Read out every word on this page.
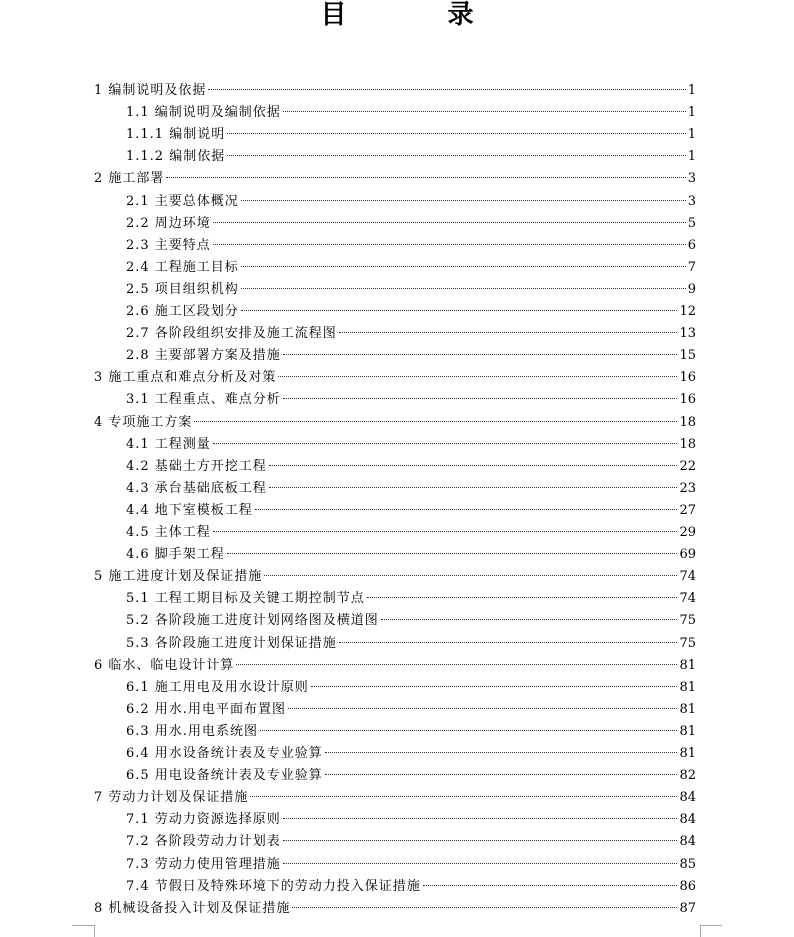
目 录
1 编制说明及依据	1
1.1 编制说明及编制依据	1
1.1.1 编制说明	1
1.1.2 编制依据	1
2 施工部署	3
2.1 主要总体概况	3
2.2 周边环境	5
2.3 主要特点	6
2.4 工程施工目标	7
2.5 项目组织机构	9
2.6 施工区段划分	12
2.7 各阶段组织安排及施工流程图	13
2.8 主要部署方案及措施	15
3 施工重点和难点分析及对策	16
3.1 工程重点、难点分析	16
4 专项施工方案	18
4.1 工程测量	18
4.2 基础土方开挖工程	22
4.3 承台基础底板工程	23
4.4 地下室模板工程	27
4.5 主体工程	29
4.6 脚手架工程	69
5 施工进度计划及保证措施	74
5.1 工程工期目标及关键工期控制节点	74
5.2 各阶段施工进度计划网络图及横道图	75
5.3 各阶段施工进度计划保证措施	75
6 临水、临电设计计算	81
6.1 施工用电及用水设计原则	81
6.2 用水.用电平面布置图	81
6.3 用水.用电系统图	81
6.4 用水设备统计表及专业验算	81
6.5 用电设备统计表及专业验算	82
7 劳动力计划及保证措施	84
7.1 劳动力资源选择原则	84
7.2 各阶段劳动力计划表	84
7.3 劳动力使用管理措施	85
7.4 节假日及特殊环境下的劳动力投入保证措施	86
8 机械设备投入计划及保证措施	87
